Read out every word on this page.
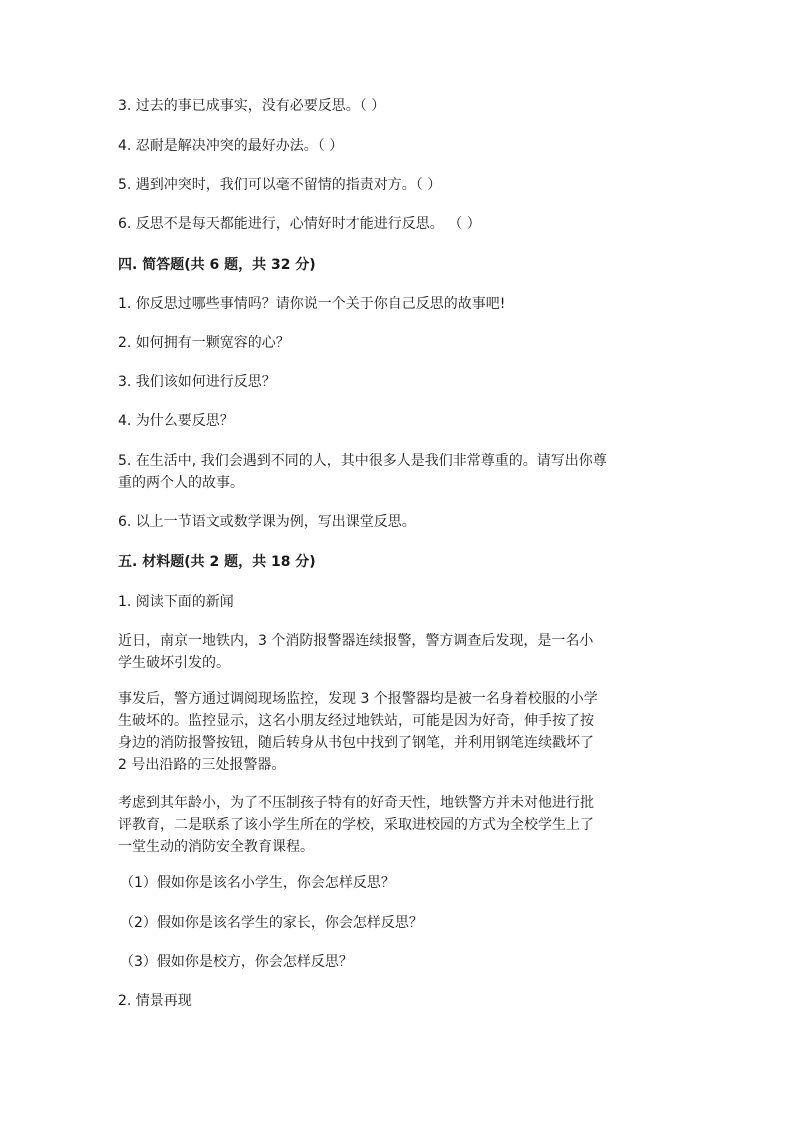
3. 过去的事已成事实，没有必要反思。（ ）
4. 忍耐是解决冲突的最好办法。（ ）
5. 遇到冲突时，我们可以毫不留情的指责对方。（ ）
6. 反思不是每天都能进行，心情好时才能进行反思。 （ ）
四. 简答题(共 6 题，共 32 分)
1. 你反思过哪些事情吗？请你说一个关于你自己反思的故事吧!
2. 如何拥有一颗宽容的心？
3. 我们该如何进行反思？
4. 为什么要反思？
5. 在生活中, 我们会遇到不同的人，其中很多人是我们非常尊重的。请写出你尊
重的两个人的故事。
6. 以上一节语文或数学课为例，写出课堂反思。
五. 材料题(共 2 题，共 18 分)
1. 阅读下面的新闻
近日，南京一地铁内，3 个消防报警器连续报警，警方调查后发现，是一名小
学生破坏引发的。
事发后，警方通过调阅现场监控，发现 3 个报警器均是被一名身着校服的小学
生破坏的。监控显示，这名小朋友经过地铁站，可能是因为好奇，伸手按了按
身边的消防报警按钮，随后转身从书包中找到了钢笔，并利用钢笔连续戳坏了
2 号出沿路的三处报警器。
考虑到其年龄小，为了不压制孩子特有的好奇天性，地铁警方并未对他进行批
评教育，二是联系了该小学生所在的学校，采取进校园的方式为全校学生上了
一堂生动的消防安全教育课程。
（1）假如你是该名小学生，你会怎样反思？
（2）假如你是该名学生的家长，你会怎样反思？
（3）假如你是校方，你会怎样反思？
2. 情景再现
